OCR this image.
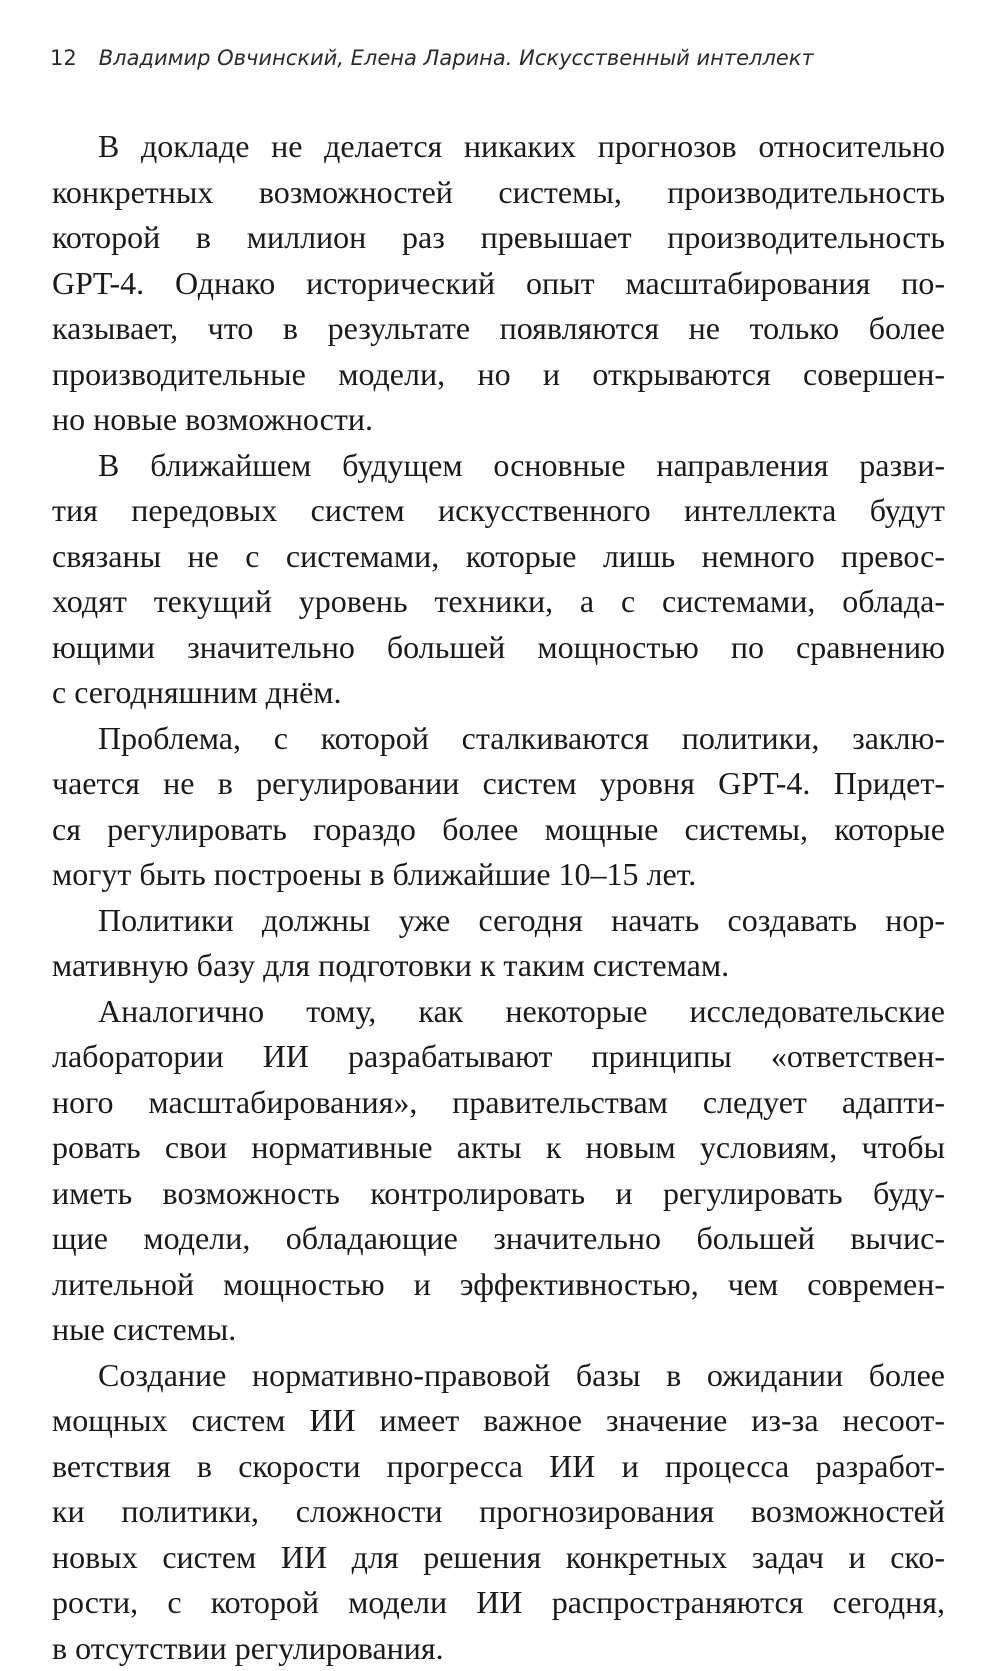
12 Владимир Овчинский, Елена Ларина. Искусственный интеллект
В докладе не делается никаких прогнозов относительно
конкретных возможностей системы, производительность
которой в миллион раз превышает производительность
GPT-4. Однако исторический опыт масштабирования по-
казывает, что в результате появляются не только более
производительные модели, но и открываются совершен-
но новые возможности.
В ближайшем будущем основные направления разви-
тия передовых систем искусственного интеллекта будут
связаны не с системами, которые лишь немного превос-
ходят текущий уровень техники, а с системами, облада-
ющими значительно большей мощностью по сравнению
с сегодняшним днём.
Проблема, с которой сталкиваются политики, заклю-
чается не в регулировании систем уровня GPT-4. Придет-
ся регулировать гораздо более мощные системы, которые
могут быть построены в ближайшие 10–15 лет.
Политики должны уже сегодня начать создавать нор-
мативную базу для подготовки к таким системам.
Аналогично тому, как некоторые исследовательские
лаборатории ИИ разрабатывают принципы «ответствен-
ного масштабирования», правительствам следует адапти-
ровать свои нормативные акты к новым условиям, чтобы
иметь возможность контролировать и регулировать буду-
щие модели, обладающие значительно большей вычис-
лительной мощностью и эффективностью, чем современ-
ные системы.
Создание нормативно-правовой базы в ожидании более
мощных систем ИИ имеет важное значение из-за несоот-
ветствия в скорости прогресса ИИ и процесса разработ-
ки политики, сложности прогнозирования возможностей
новых систем ИИ для решения конкретных задач и ско-
рости, с которой модели ИИ распространяются сегодня,
в отсутствии регулирования.
